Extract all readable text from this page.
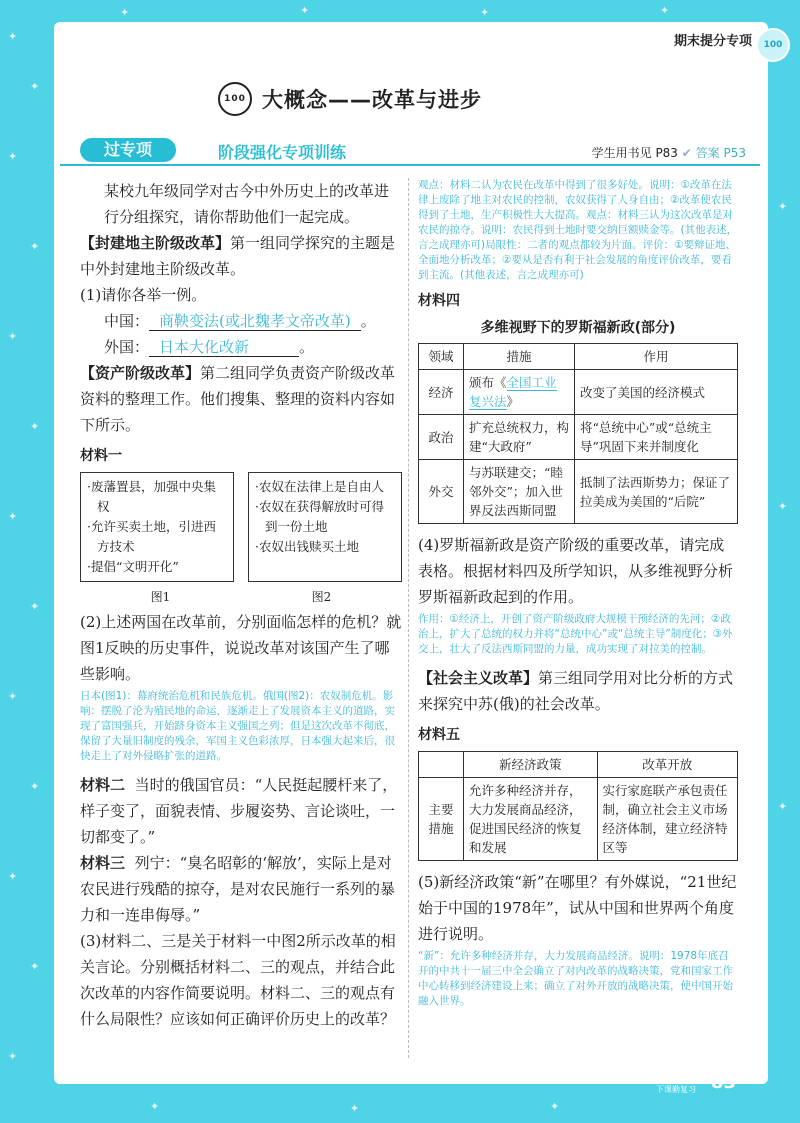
✦
✦
✦
✦
✦
✦
✦
✦
✦
✦
✦
✦
✦
✦	✦	✦	✦
✦	✦	✦
✦
✦
✦
期末提分专项	100
100 大概念——改革与进步
过专项	阶段强化专项训练	学生用书见 P83 ✔ 答案 P53

某校九年级同学对古今中外历史上的改革进行分组探究，请你帮助他们一起完成。

【封建地主阶级改革】第一组同学探究的主题是中外封建地主阶级改革。

(1)请你各举一例。

中国： 商鞅变法(或北魏孝文帝改革) 。

外国： 日本大化改新	。

【资产阶级改革】第二组同学负责资产阶级改革资料的整理工作。他们搜集、整理的资料内容如下所示。

材料一
·废藩置县，加强中央集权
·允许买卖土地，引进西方技术
·提倡“文明开化”
·农奴在法律上是自由人
·农奴在获得解放时可得到一份土地
·农奴出钱赎买土地
图1	图2

(2)上述两国在改革前，分别面临怎样的危机？就图1反映的历史事件，说说改革对该国产生了哪些影响。

日本(图1)：幕府统治危机和民族危机。俄国(图2)：农奴制危机。影响：摆脱了沦为殖民地的命运，逐渐走上了发展资本主义的道路，实现了富国强兵，开始跻身资本主义强国之列；但是这次改革不彻底，保留了大量旧制度的残余，军国主义色彩浓厚，日本强大起来后，很快走上了对外侵略扩张的道路。

材料二 当时的俄国官员：“人民挺起腰杆来了，样子变了，面貌表情、步履姿势、言论谈吐，一切都变了。”

材料三 列宁：“臭名昭彰的‘解放’，实际上是对农民进行残酷的掠夺，是对农民施行一系列的暴力和一连串侮辱。”

(3)材料二、三是关于材料一中图2所示改革的相关言论。分别概括材料二、三的观点，并结合此次改革的内容作简要说明。材料二、三的观点有什么局限性？应该如何正确评价历史上的改革？

观点：材料二认为农民在改革中得到了很多好处。说明：①改革在法律上废除了地主对农民的控制，农奴获得了人身自由；②改革使农民得到了土地，生产积极性大大提高。观点：材料三认为这次改革是对农民的掠夺。说明：农民得到土地时要交纳巨额赎金等。(其他表述，言之成理亦可)局限性：二者的观点都较为片面。评价：①要辩证地、全面地分析改革；②要从是否有利于社会发展的角度评价改革，要看到主流。(其他表述，言之成理亦可)
材料四
多维视野下的罗斯福新政(部分)
领域	措施	作用
经济	颁布《全国工业复兴法》	改变了美国的经济模式
政治	扩充总统权力，构建“大政府”	将“总统中心”或“总统主导”巩固下来并制度化
外交	与苏联建交；“睦邻外交”；加入世界反法西斯同盟	抵制了法西斯势力；保证了拉美成为美国的“后院”

(4)罗斯福新政是资产阶级的重要改革，请完成表格。根据材料四及所学知识，从多维视野分析罗斯福新政起到的作用。

作用：①经济上，开创了资产阶级政府大规模干预经济的先河；②政治上，扩大了总统的权力并将“总统中心”或“总统主导”制度化；③外交上，壮大了反法西斯同盟的力量，成功实现了对拉美的控制。

【社会主义改革】第三组同学用对比分析的方式来探究中苏(俄)的社会改革。

材料五
	新经济政策	改革开放
主要措施	允许多种经济并存，大力发展商品经济，促进国民经济的恢复和发展	实行家庭联产承包责任制，确立社会主义市场经济体制，建立经济特区等

(5)新经济政策“新”在哪里？有外媒说，“21世纪始于中国的1978年”，试从中国和世界两个角度进行说明。

“新”：允许多种经济并存，大力发展商品经济。说明：1978年底召开的中共十一届三中全会确立了对内改革的战略决策，党和国家工作中心转移到经济建设上来；确立了对外开放的战略决策，使中国开始融入世界。
上课认真听
下课勤复习 83
